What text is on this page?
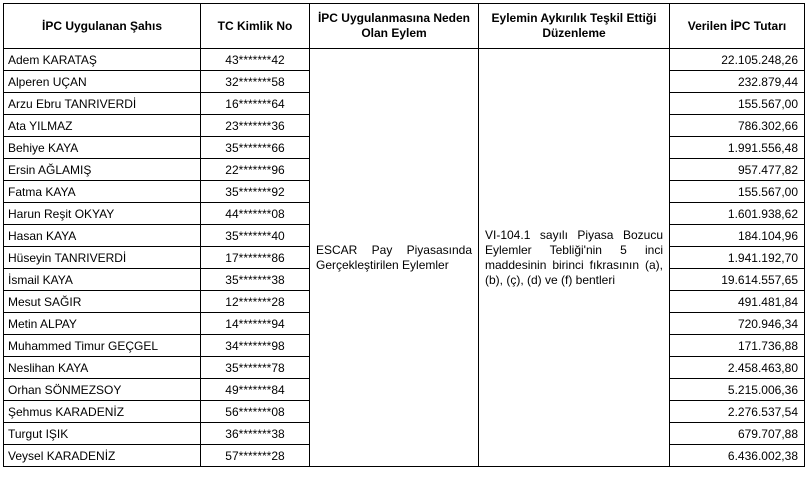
İPC Uygulanan Şahıs	TC Kimlik No	İPC Uygulanmasına Neden Olan Eylem	Eylemin Aykırılık Teşkil Ettiği Düzenleme	Verilen İPC Tutarı
Adem KARATAŞ	43*******42	ESCAR Pay Piyasasında Gerçekleştirilen Eylemler	VI-104.1 sayılı Piyasa Bozucu Eylemler Tebliği'nin 5 inci maddesinin birinci fıkrasının (a), (b), (ç), (d) ve (f) bentleri	22.105.248,26
Alperen UÇAN	32*******58			232.879,44
Arzu Ebru TANRIVERDİ	16*******64			155.567,00
Ata YILMAZ	23*******36			786.302,66
Behiye KAYA	35*******66			1.991.556,48
Ersin AĞLAMIŞ	22*******96			957.477,82
Fatma KAYA	35*******92			155.567,00
Harun Reşit OKYAY	44*******08			1.601.938,62
Hasan KAYA	35*******40			184.104,96
Hüseyin TANRIVERDİ	17*******86			1.941.192,70
İsmail KAYA	35*******38			19.614.557,65
Mesut SAĞIR	12*******28			491.481,84
Metin ALPAY	14*******94			720.946,34
Muhammed Timur GEÇGEL	34*******98			171.736,88
Neslihan KAYA	35*******78			2.458.463,80
Orhan SÖNMEZSOY	49*******84			5.215.006,36
Şehmus KARADENİZ	56*******08			2.276.537,54
Turgut IŞIK	36*******38			679.707,88
Veysel KARADENİZ	57*******28			6.436.002,38
